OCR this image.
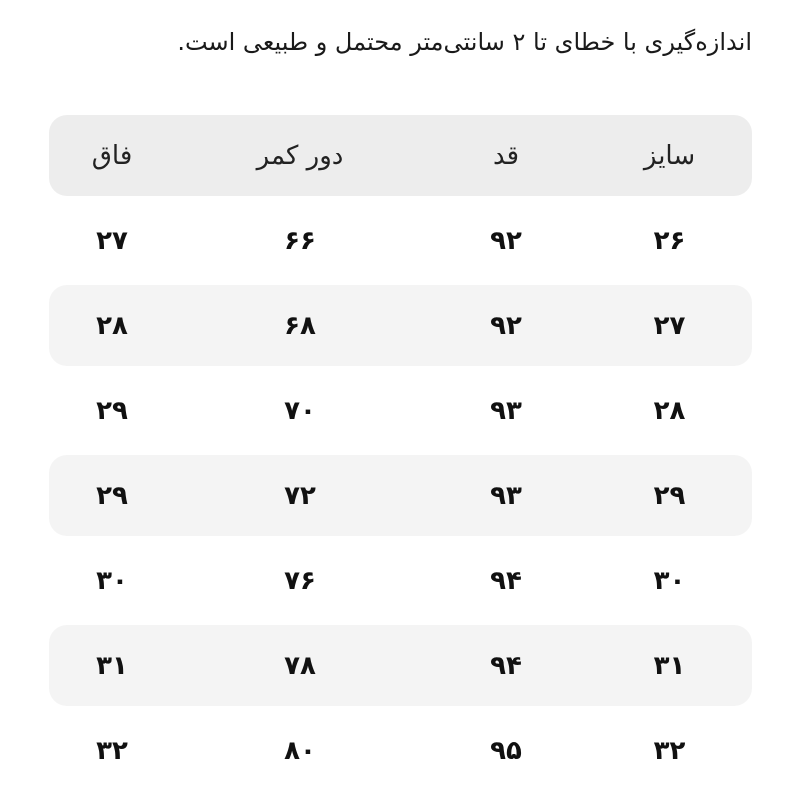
اندازه‌گیری با خطای تا ۲ سانتی‌متر محتمل و طبیعی است.
سایز
قد
دور کمر
فاق
۲۶
۹۲
۶۶
۲۷
۲۷
۹۲
۶۸
۲۸
۲۸
۹۳
۷۰
۲۹
۲۹
۹۳
۷۲
۲۹
۳۰
۹۴
۷۶
۳۰
۳۱
۹۴
۷۸
۳۱
۳۲
۹۵
۸۰
۳۲
